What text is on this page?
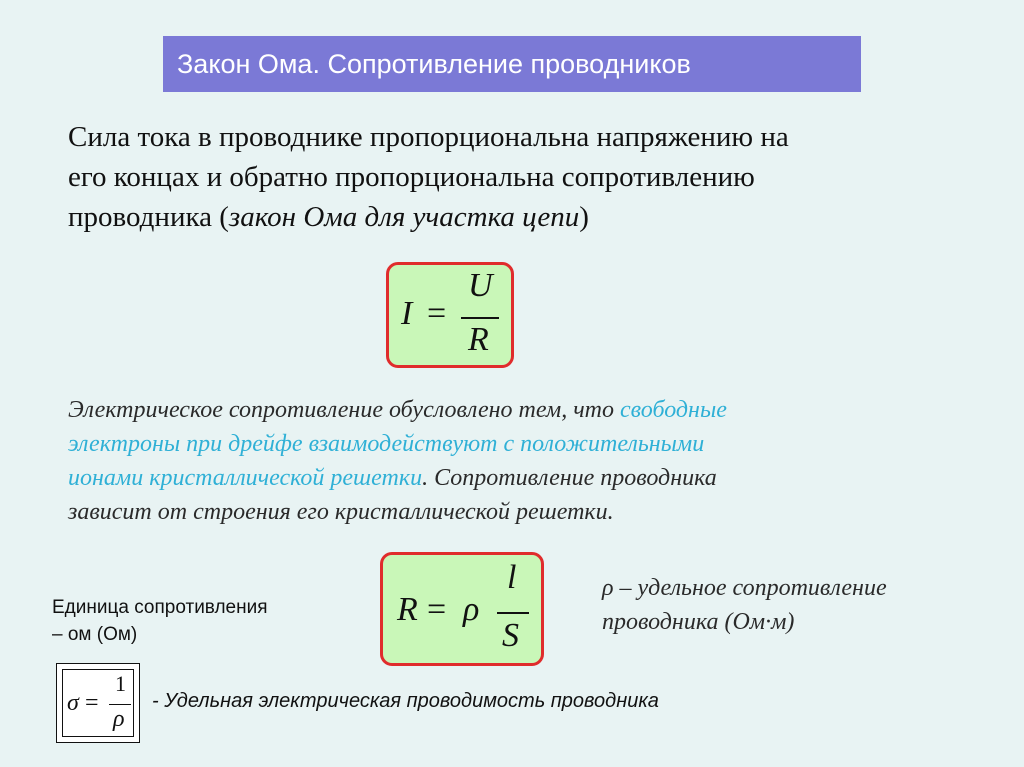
Закон Ома. Сопротивление проводников
Сила тока в проводнике пропорциональна напряжению на
его концах и обратно пропорциональна сопротивлению
проводника (закон Ома для участка цепи)
I =
U
R
Электрическое сопротивление обусловлено тем, что свободные
электроны при дрейфе взаимодействуют с положительными
ионами кристаллической решетки. Сопротивление проводника
зависит от строения его кристаллической решетки.
R = ρ
l
S
Единица сопротивления
– ом (Ом)
ρ – удельное сопротивление
проводника (Ом·м)
σ =
1
ρ
- Удельная электрическая проводимость проводника
